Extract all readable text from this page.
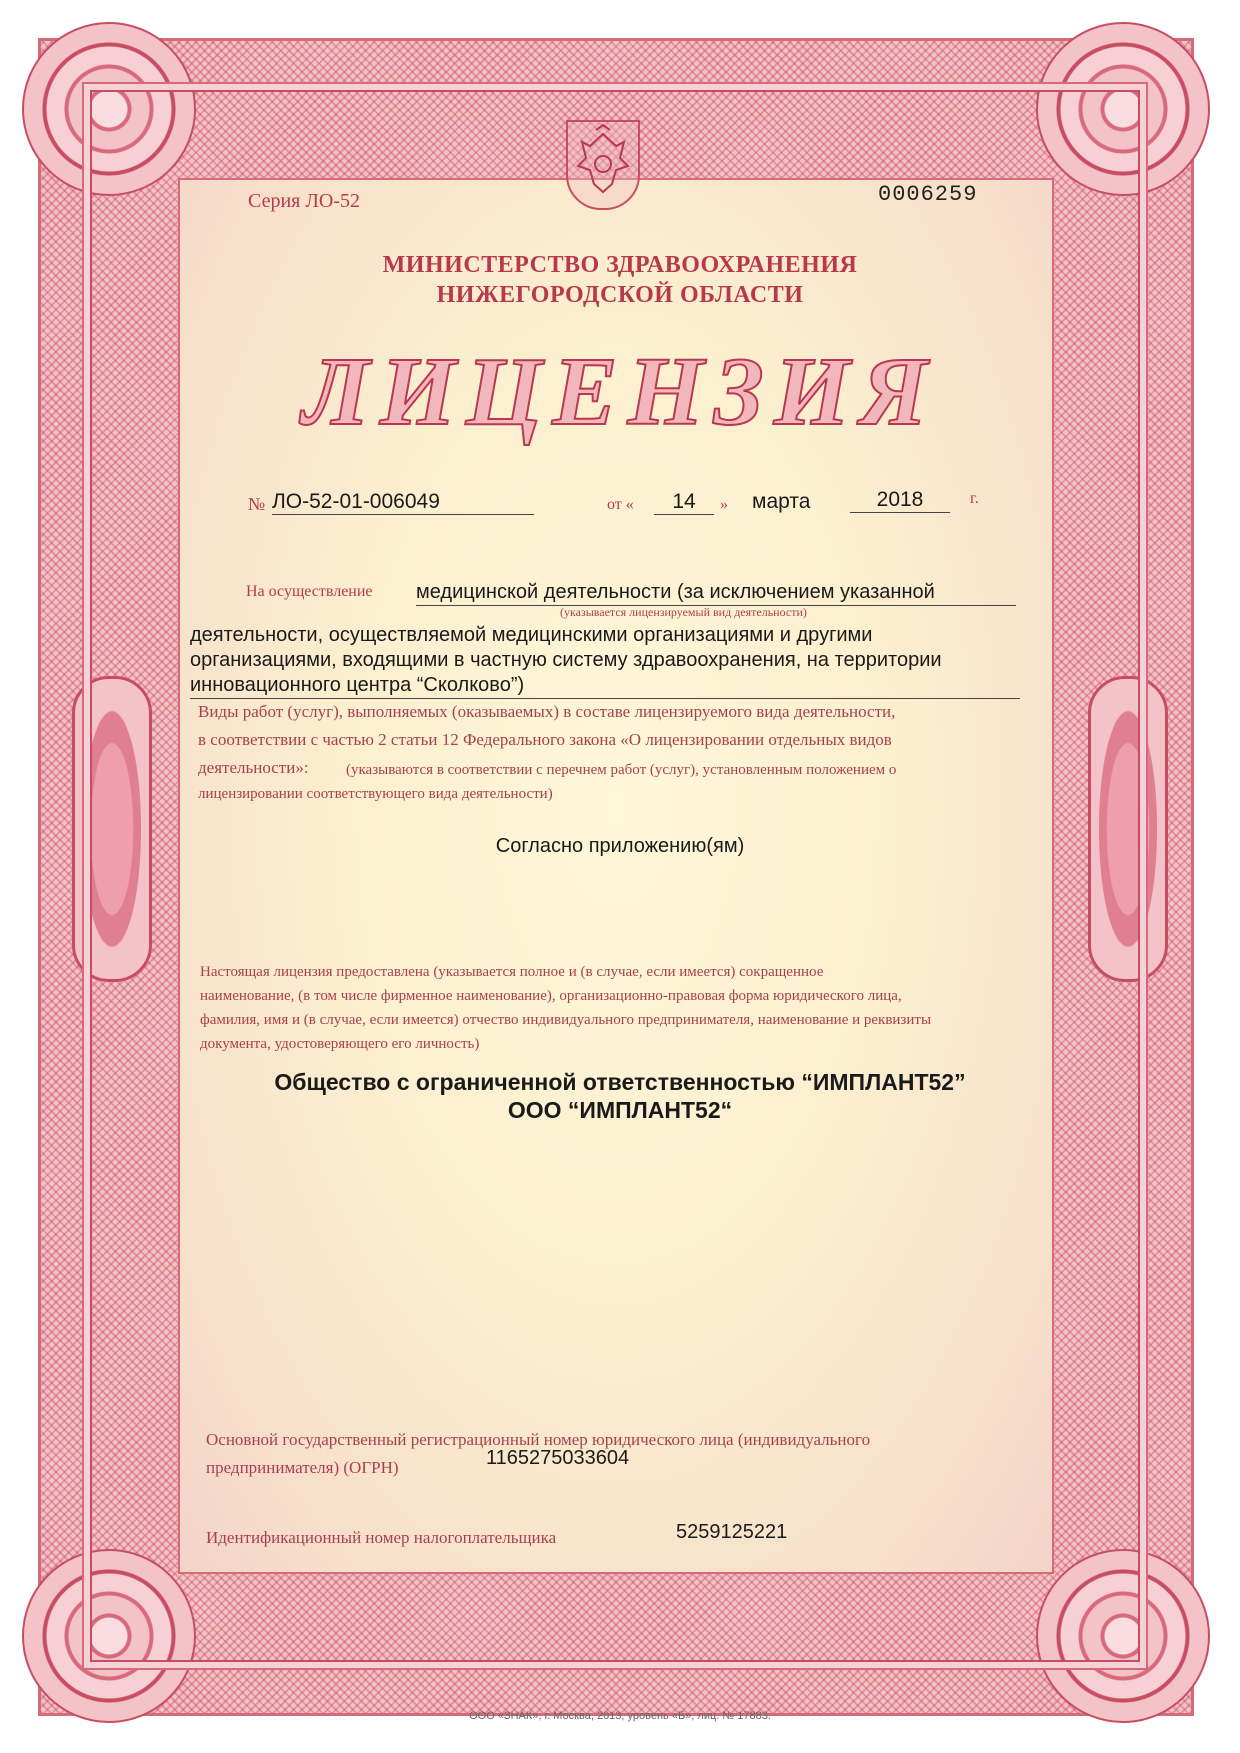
Серия ЛО-52	0006259
МИНИСТЕРСТВО ЗДРАВООХРАНЕНИЯ
НИЖЕГОРОДСКОЙ ОБЛАСТИ
ЛИЦЕНЗИЯ
№ ЛО-52-01-006049	от «	14	» марта	2018	г.
На осуществление медицинской деятельности (за исключением указанной
(указывается лицензируемый вид деятельности)
деятельности, осуществляемой медицинскими организациями и другими
организациями, входящими в частную систему здравоохранения, на территории
инновационного центра “Сколково”)
Виды работ (услуг), выполняемых (оказываемых) в составе лицензируемого вида деятельности,
в соответствии с частью 2 статьи 12 Федерального закона «О лицензировании отдельных видов
деятельности»: (указываются в соответствии с перечнем работ (услуг), установленным положением о
лицензировании соответствующего вида деятельности)
Согласно приложению(ям)
Настоящая лицензия предоставлена (указывается полное и (в случае, если имеется) сокращенное
наименование, (в том числе фирменное наименование), организационно-правовая форма юридического лица,
фамилия, имя и (в случае, если имеется) отчество индивидуального предпринимателя, наименование и реквизиты
документа, удостоверяющего его личность)
Общество с ограниченной ответственностью “ИМПЛАНТ52”
ООО “ИМПЛАНТ52“
Основной государственный регистрационный номер юридического лица (индивидуального
предпринимателя) (ОГРН)	1165275033604
Идентификационный номер налогоплательщика	5259125221
ООО «ЗНАК», г. Москва, 2013, уровень «Б», лиц. № 17883.
